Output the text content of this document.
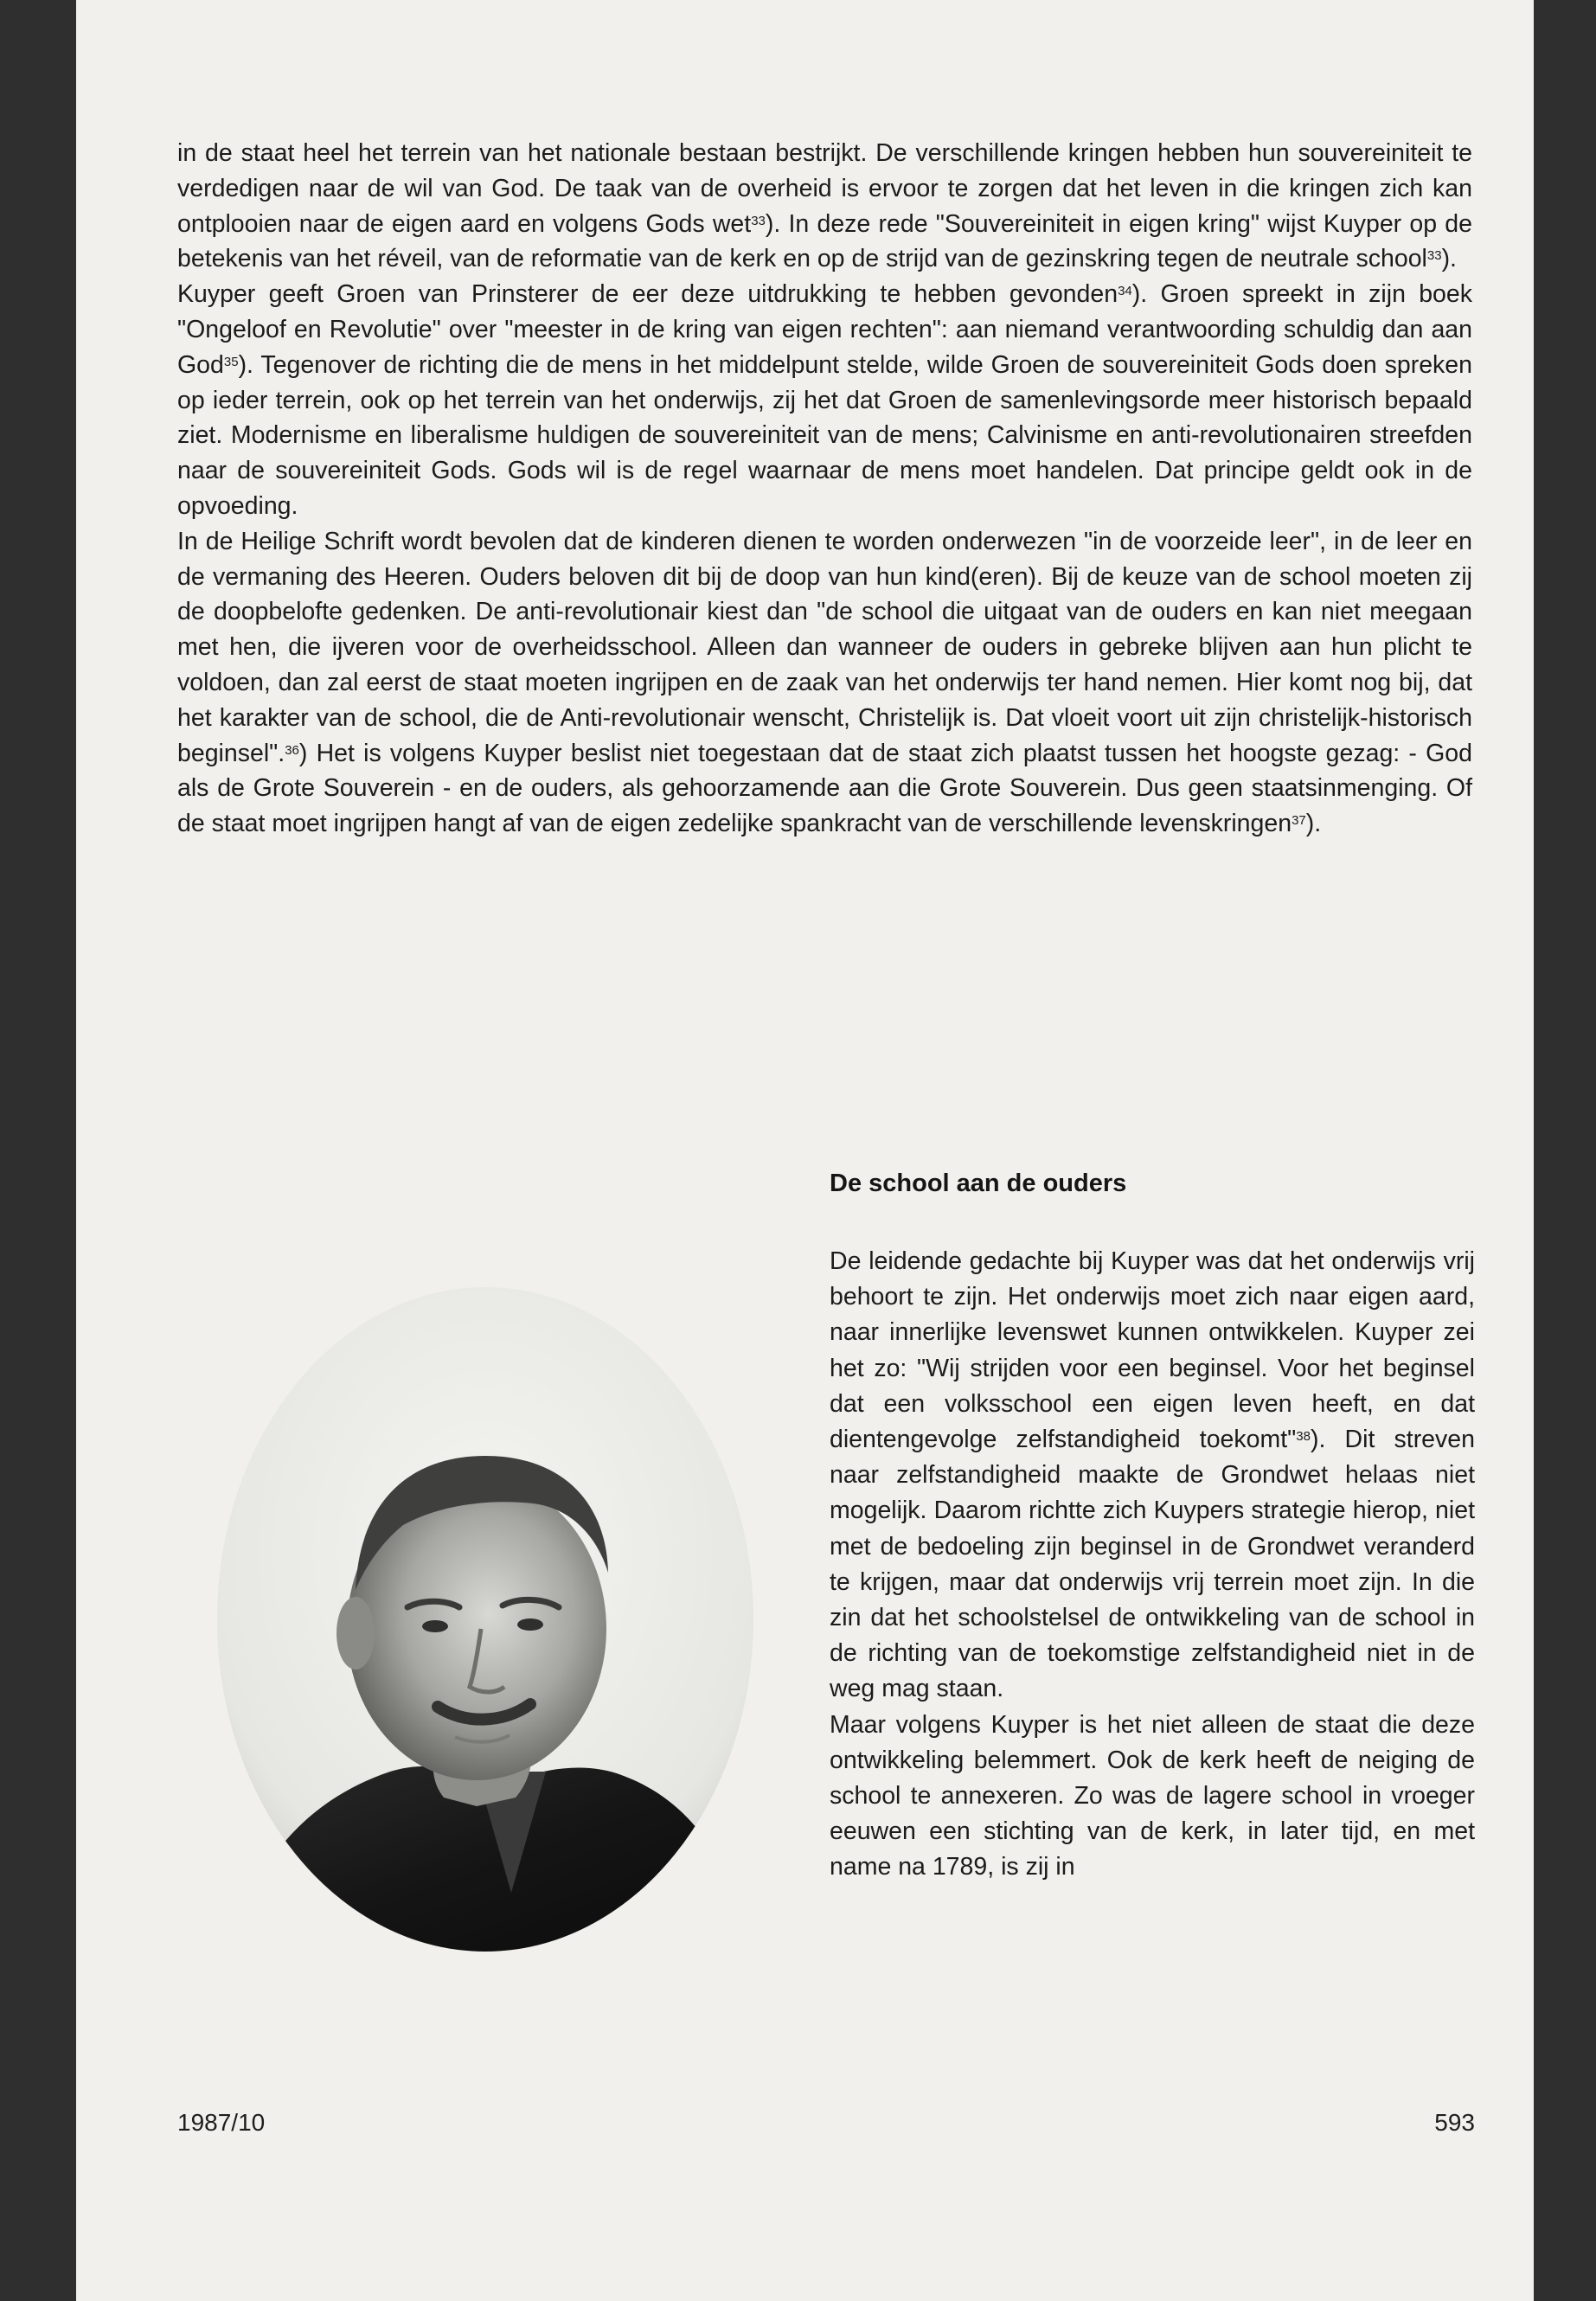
in de staat heel het terrein van het nationale bestaan bestrijkt. De verschillende kringen hebben hun souvereiniteit te verdedigen naar de wil van God. De taak van de overheid is ervoor te zorgen dat het leven in die kringen zich kan ontplooien naar de eigen aard en volgens Gods wet$^{33}$). In deze rede "Souvereiniteit in eigen kring" wijst Kuyper op de betekenis van het réveil, van de reformatie van de kerk en op de strijd van de gezinskring tegen de neutrale school$^{33}$).

Kuyper geeft Groen van Prinsterer de eer deze uitdrukking te hebben gevonden$^{34}$). Groen spreekt in zijn boek "Ongeloof en Revolutie" over "meester in de kring van eigen rechten": aan niemand verantwoording schuldig dan aan God$^{35}$). Tegenover de richting die de mens in het middelpunt stelde, wilde Groen de souvereiniteit Gods doen spreken op ieder terrein, ook op het terrein van het onderwijs, zij het dat Groen de samenlevingsorde meer historisch bepaald ziet. Modernisme en liberalisme huldigen de souvereiniteit van de mens; Calvinisme en anti-revolutionairen streefden naar de souvereiniteit Gods. Gods wil is de regel waarnaar de mens moet handelen. Dat principe geldt ook in de opvoeding.

In de Heilige Schrift wordt bevolen dat de kinderen dienen te worden onderwezen "in de voorzeide leer", in de leer en de vermaning des Heeren. Ouders beloven dit bij de doop van hun kind(eren). Bij de keuze van de school moeten zij de doopbelofte gedenken. De anti-revolutionair kiest dan "de school die uitgaat van de ouders en kan niet meegaan met hen, die ijveren voor de overheidsschool. Alleen dan wanneer de ouders in gebreke blijven aan hun plicht te voldoen, dan zal eerst de staat moeten ingrijpen en de zaak van het onderwijs ter hand nemen. Hier komt nog bij, dat het karakter van de school, die de Anti-revolutionair wenscht, Christelijk is. Dat vloeit voort uit zijn christelijk-historisch beginsel".$^{36}$) Het is volgens Kuyper beslist niet toegestaan dat de staat zich plaatst tussen het hoogste gezag: - God als de Grote Souverein - en de ouders, als gehoorzamende aan die Grote Souverein. Dus geen staatsinmenging. Of de staat moet ingrijpen hangt af van de eigen zedelijke spankracht van de verschillende levenskringen$^{37}$).

De school aan de ouders

De leidende gedachte bij Kuyper was dat het onderwijs vrij behoort te zijn. Het onderwijs moet zich naar eigen aard, naar innerlijke levenswet kunnen ontwikkelen. Kuyper zei het zo: "Wij strijden voor een beginsel. Voor het beginsel dat een volksschool een eigen leven heeft, en dat dientengevolge zelfstandigheid toekomt"$^{38}$). Dit streven naar zelfstandigheid maakte de Grondwet helaas niet mogelijk. Daarom richtte zich Kuypers strategie hierop, niet met de bedoeling zijn beginsel in de Grondwet veranderd te krijgen, maar dat onderwijs vrij terrein moet zijn. In die zin dat het schoolstelsel de ontwikkeling van de school in de richting van de toekomstige zelfstandigheid niet in de weg mag staan.

Maar volgens Kuyper is het niet alleen de staat die deze ontwikkeling belemmert. Ook de kerk heeft de neiging de school te annexeren. Zo was de lagere school in vroeger eeuwen een stichting van de kerk, in later tijd, en met name na 1789, is zij in

1987/10	593
